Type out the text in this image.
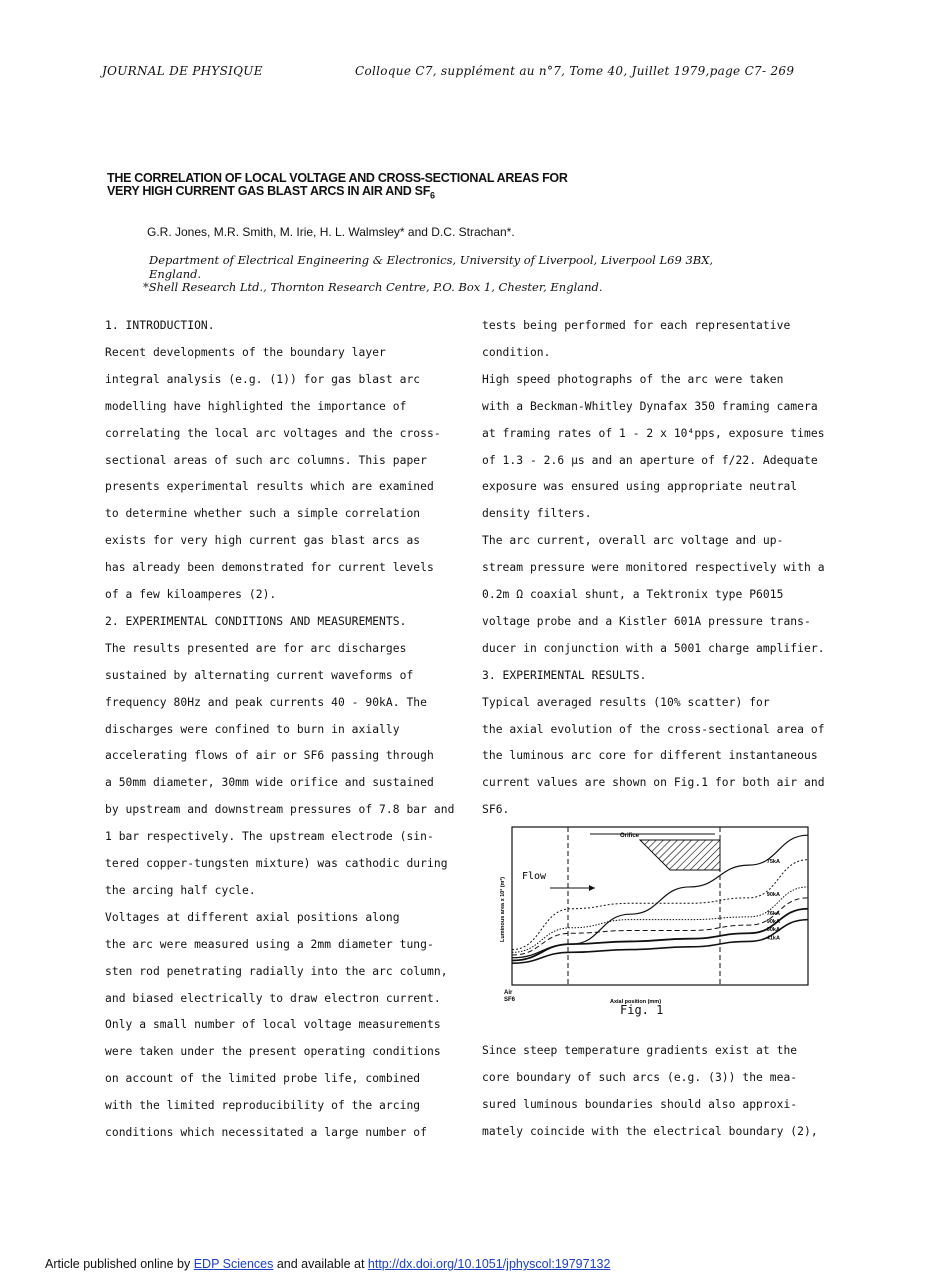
JOURNAL DE PHYSIQUE	Colloque C7, supplément au n°7, Tome 40, Juillet 1979,page C7- 269
THE CORRELATION OF LOCAL VOLTAGE AND CROSS-SECTIONAL AREAS FOR
VERY HIGH CURRENT GAS BLAST ARCS IN AIR AND $SF_6$
G.R. Jones, M.R. Smith, M. Irie, H. L. Walmsley* and D.C. Strachan*.
Department of Electrical Engineering & Electronics, University of Liverpool, Liverpool L69 3BX,
England.
*Shell Research Ltd., Thornton Research Centre, P.O. Box 1, Chester, England.
1. INTRODUCTION.
Recent developments of the boundary layer
integral analysis (e.g. (1)) for gas blast arc
modelling have highlighted the importance of
correlating the local arc voltages and the cross-
sectional areas of such arc columns. This paper
presents experimental results which are examined
to determine whether such a simple correlation
exists for very high current gas blast arcs as
has already been demonstrated for current levels
of a few kiloamperes (2).
2. EXPERIMENTAL CONDITIONS AND MEASUREMENTS.
The results presented are for arc discharges
sustained by alternating current waveforms of
frequency 80Hz and peak currents 40 - 90kA. The
discharges were confined to burn in axially
accelerating flows of air or SF6 passing through
a 50mm diameter, 30mm wide orifice and sustained
by upstream and downstream pressures of 7.8 bar and
1 bar respectively. The upstream electrode (sin-
tered copper-tungsten mixture) was cathodic during
the arcing half cycle.
Voltages at different axial positions along
the arc were measured using a 2mm diameter tung-
sten rod penetrating radially into the arc column,
and biased electrically to draw electron current.
Only a small number of local voltage measurements
were taken under the present operating conditions
on account of the limited probe life, combined
with the limited reproducibility of the arcing
conditions which necessitated a large number of
tests being performed for each representative
condition.
High speed photographs of the arc were taken
with a Beckman-Whitley Dynafax 350 framing camera
at framing rates of 1 - 2 x 10⁴pps, exposure times
of 1.3 - 2.6 µs and an aperture of f/22. Adequate
exposure was ensured using appropriate neutral
density filters.
The arc current, overall arc voltage and up-
stream pressure were monitored respectively with a
0.2m Ω coaxial shunt, a Tektronix type P6015
voltage probe and a Kistler 601A pressure trans-
ducer in conjunction with a 5001 charge amplifier.
3. EXPERIMENTAL RESULTS.
Typical averaged results (10% scatter) for
the axial evolution of the cross-sectional area of
the luminous arc core for different instantaneous
current values are shown on Fig.1 for both air and
SF6.
Since steep temperature gradients exist at the
core boundary of such arcs (e.g. (3)) the mea-
sured luminous boundaries should also approxi-
mately coincide with the electrical boundary (2),
Orifice
Flow
Luminous area x 10² (m²)
Axial position (mm)
Air
SF6
75kA
90kA
76kA
90kA
60kA
41kA
Fig. 1
Article published online by EDP Sciences and available at http://dx.doi.org/10.1051/jphyscol:19797132
